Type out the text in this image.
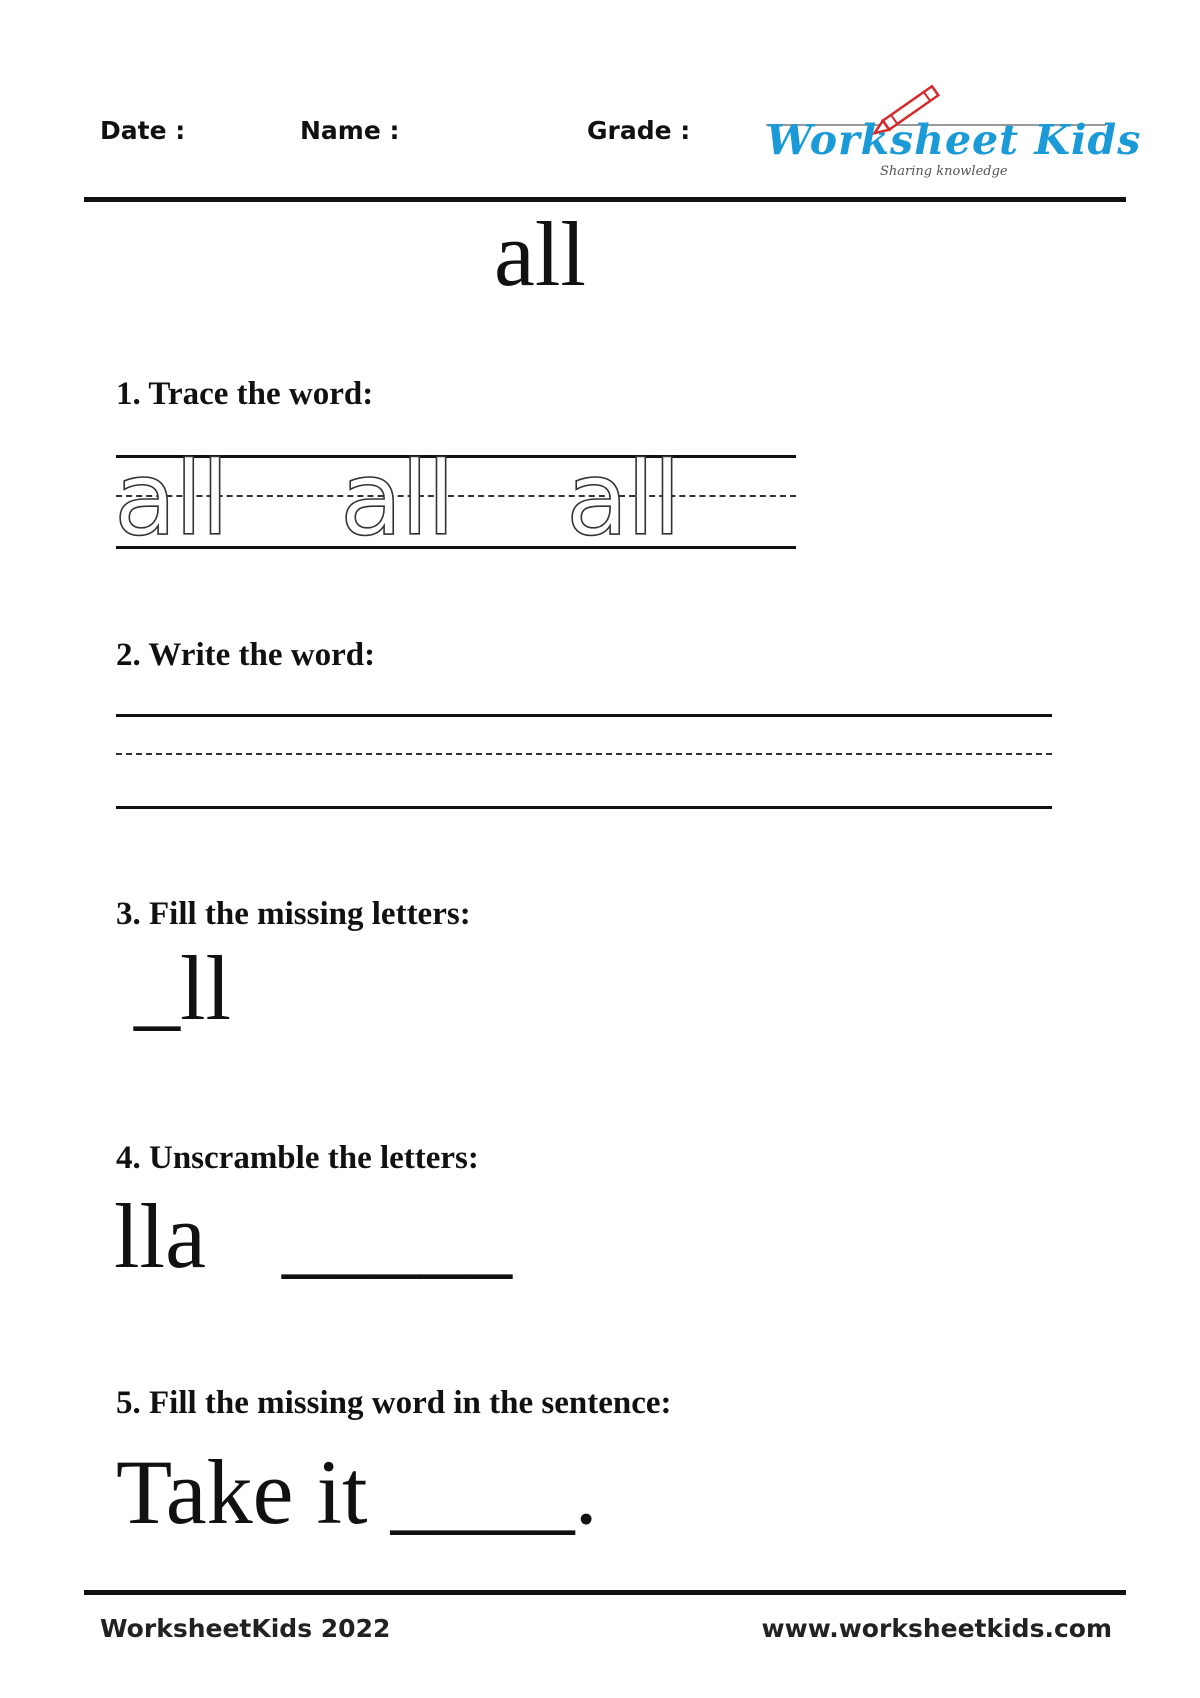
Date :	Name :	Grade : Worksheet Kids
Sharing knowledge
all
1. Trace the word:
all all all
2. Write the word:
3. Fill the missing letters:
_ll
4. Unscramble the letters:
lla _____
5. Fill the missing word in the sentence:
Take it ____.
WorksheetKids 2022	www.worksheetkids.com
